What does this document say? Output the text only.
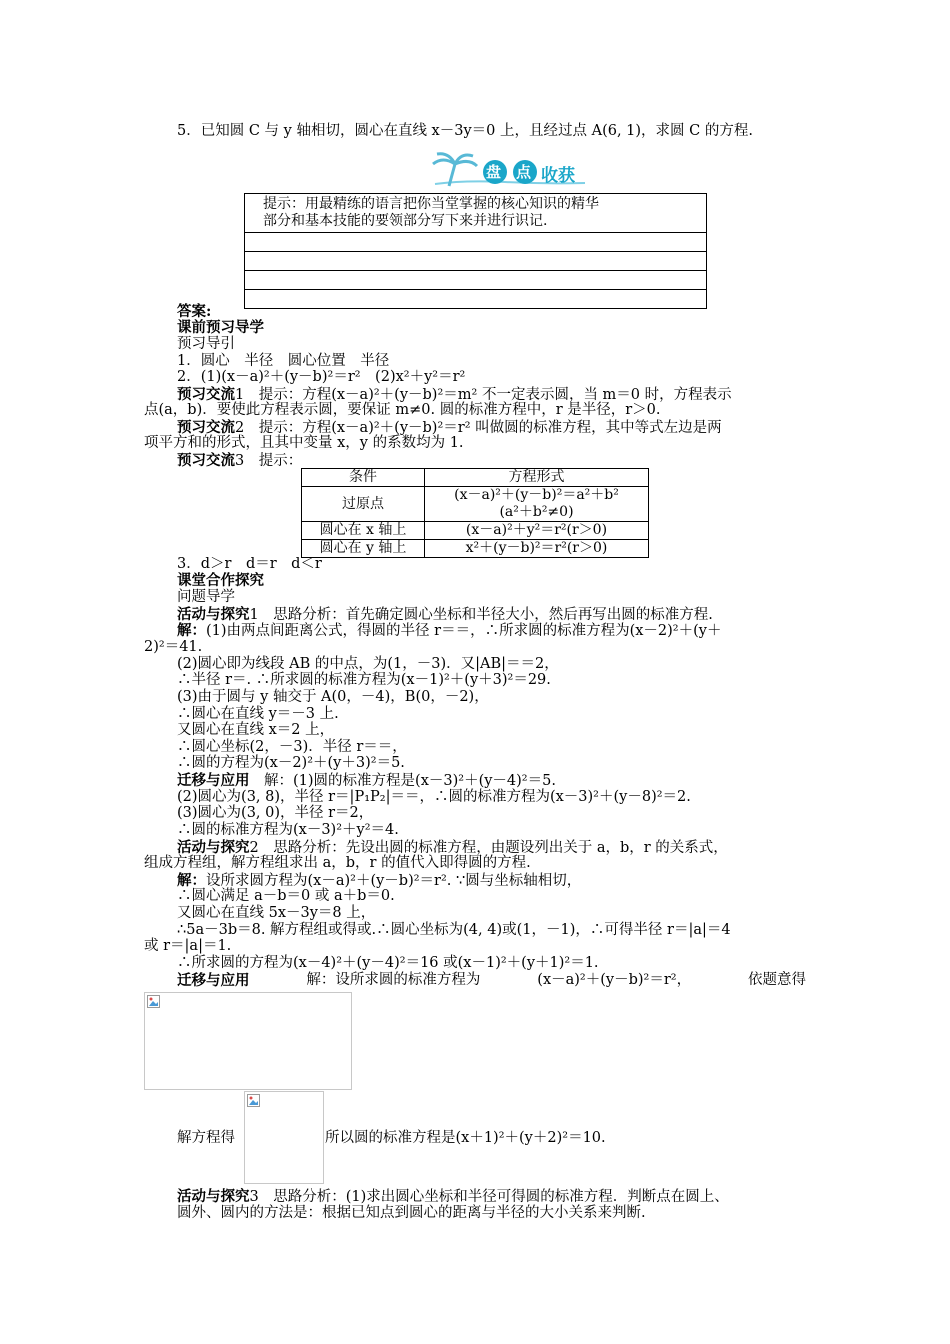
5．已知圆 C 与 y 轴相切，圆心在直线 x－3y＝0 上，且经过点 A(6, 1)，求圆 C 的方程.
盘 点 收获
提示：用最精练的语言把你当堂掌握的核心知识的精华
部分和基本技能的要领部分写下来并进行识记.

答案:
课前预习导学
预习导引
1．圆心　半径　圆心位置　半径
2．(1)(x－a)²＋(y－b)²＝r²　(2)x²＋y²＝r²
预习交流1　提示：方程(x－a)²＋(y－b)²＝m² 不一定表示圆，当 m＝0 时，方程表示
点(a，b)．要使此方程表示圆，要保证 m≠0. 圆的标准方程中，r 是半径，r＞0.
预习交流2　提示：方程(x－a)²＋(y－b)²＝r² 叫做圆的标准方程，其中等式左边是两
项平方和的形式，且其中变量 x，y 的系数均为 1.
预习交流3　提示：
条件	方程形式
过原点	(x－a)²＋(y－b)²＝a²＋b²
(a²＋b²≠0)

圆心在 x 轴上	(x－a)²＋y²＝r²(r＞0)
圆心在 y 轴上	x²＋(y－b)²＝r²(r＞0)
3．d＞r　d＝r　d＜r
课堂合作探究
问题导学
活动与探究1　思路分析：首先确定圆心坐标和半径大小，然后再写出圆的标准方程.
解：(1)由两点间距离公式，得圆的半径 r＝＝，∴所求圆的标准方程为(x－2)²＋(y＋
2)²＝41.
(2)圆心即为线段 AB 的中点，为(1，－3)．又|AB|＝＝2，
∴半径 r＝. ∴所求圆的标准方程为(x－1)²＋(y＋3)²＝29.
(3)由于圆与 y 轴交于 A(0，－4)，B(0，－2)，
∴圆心在直线 y＝－3 上.
又圆心在直线 x＝2 上，
∴圆心坐标(2，－3)．半径 r＝＝，
∴圆的方程为(x－2)²＋(y＋3)²＝5.
迁移与应用　解：(1)圆的标准方程是(x－3)²＋(y－4)²＝5.
(2)圆心为(3, 8)，半径 r＝|P₁P₂|＝＝，∴圆的标准方程为(x－3)²＋(y－8)²＝2.
(3)圆心为(3, 0)，半径 r＝2，
∴圆的标准方程为(x－3)²＋y²＝4.
活动与探究2　思路分析：先设出圆的标准方程，由题设列出关于 a，b，r 的关系式，
组成方程组，解方程组求出 a，b，r 的值代入即得圆的方程.
解：设所求圆方程为(x－a)²＋(y－b)²＝r². ∵圆与坐标轴相切，
∴圆心满足 a－b＝0 或 a＋b＝0.
又圆心在直线 5x－3y＝8 上，
∴5a－3b＝8. 解方程组或得或.∴圆心坐标为(4, 4)或(1，－1)，∴可得半径 r＝|a|＝4
或 r＝|a|＝1.
∴所求圆的方程为(x－4)²＋(y－4)²＝16 或(x－1)²＋(y＋1)²＝1.
迁移与应用	解：设所求圆的标准方程为	(x－a)²＋(y－b)²＝r²，	依题意得
解方程得	所以圆的标准方程是(x＋1)²＋(y＋2)²＝10.
活动与探究3　思路分析：(1)求出圆心坐标和半径可得圆的标准方程．判断点在圆上、
圆外、圆内的方法是：根据已知点到圆心的距离与半径的大小关系来判断.
